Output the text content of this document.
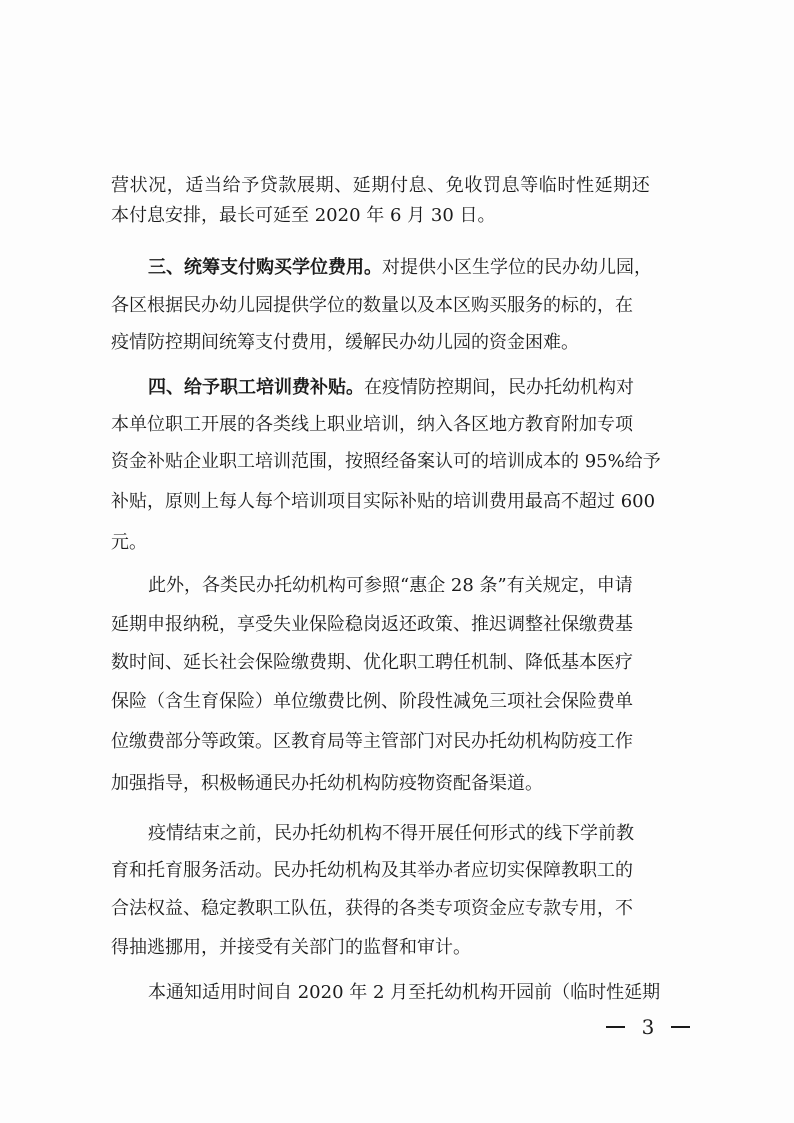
营状况，适当给予贷款展期、延期付息、免收罚息等临时性延期还
本付息安排，最长可延至 2020 年 6 月 30 日。
三、统筹支付购买学位费用。对提供小区生学位的民办幼儿园，
各区根据民办幼儿园提供学位的数量以及本区购买服务的标的，在
疫情防控期间统筹支付费用，缓解民办幼儿园的资金困难。
四、给予职工培训费补贴。在疫情防控期间，民办托幼机构对
本单位职工开展的各类线上职业培训，纳入各区地方教育附加专项
资金补贴企业职工培训范围，按照经备案认可的培训成本的 95%给予
补贴，原则上每人每个培训项目实际补贴的培训费用最高不超过 600
元。
此外，各类民办托幼机构可参照“惠企 28 条”有关规定，申请
延期申报纳税，享受失业保险稳岗返还政策、推迟调整社保缴费基
数时间、延长社会保险缴费期、优化职工聘任机制、降低基本医疗
保险（含生育保险）单位缴费比例、阶段性减免三项社会保险费单
位缴费部分等政策。区教育局等主管部门对民办托幼机构防疫工作
加强指导，积极畅通民办托幼机构防疫物资配备渠道。
疫情结束之前，民办托幼机构不得开展任何形式的线下学前教
育和托育服务活动。民办托幼机构及其举办者应切实保障教职工的
合法权益、稳定教职工队伍，获得的各类专项资金应专款专用，不
得抽逃挪用，并接受有关部门的监督和审计。
本通知适用时间自 2020 年 2 月至托幼机构开园前（临时性延期
3
